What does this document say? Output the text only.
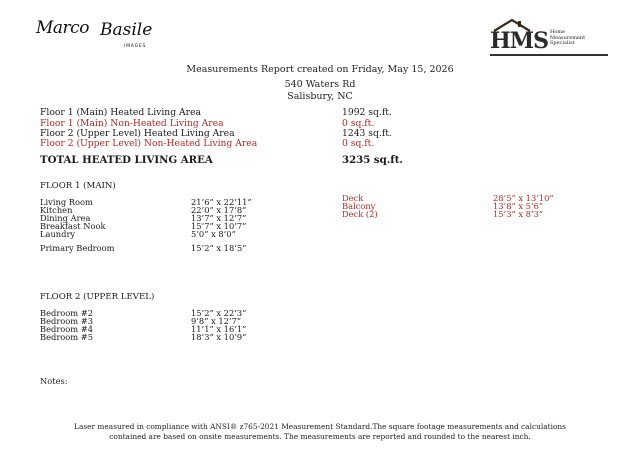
Marco Basile
IMAGES	HMS Home
Measurement
Specialist
Measurements Report created on Friday, May 15, 2026
540 Waters Rd
Salisbury, NC
Floor 1 (Main) Heated Living Area	1992 sq.ft.
Floor 1 (Main) Non-Heated Living Area	0 sq.ft.
Floor 2 (Upper Level) Heated Living Area	1243 sq.ft.
Floor 2 (Upper Level) Non-Heated Living Area	0 sq.ft.
TOTAL HEATED LIVING AREA	3235 sq.ft.
FLOOR 1 (MAIN)
Living Room	21’6” x 22’11”
Kitchen	22’0” x 17’8”
Dining Area	13’7” x 12’7”
Breakfast Nook	15’7” x 10’7”
Laundry	5’0” x 8’0”
Primary Bedroom	15’2” x 18’5”
Deck	28’5” x 13’10”
Balcony	13’8” x 5’6”
Deck (2)	15’3” x 8’3”
FLOOR 2 (UPPER LEVEL)
Bedroom #2	15’2” x 22’3”
Bedroom #3	9’8” x 12’7”
Bedroom #4	11’1” x 16’1”
Bedroom #5	18’3” x 10’9”
Notes:
Laser measured in compliance with ANSI® z765-2021 Measurement Standard.The square footage measurements and calculations
contained are based on onsite measurements. The measurements are reported and rounded to the nearest inch.
